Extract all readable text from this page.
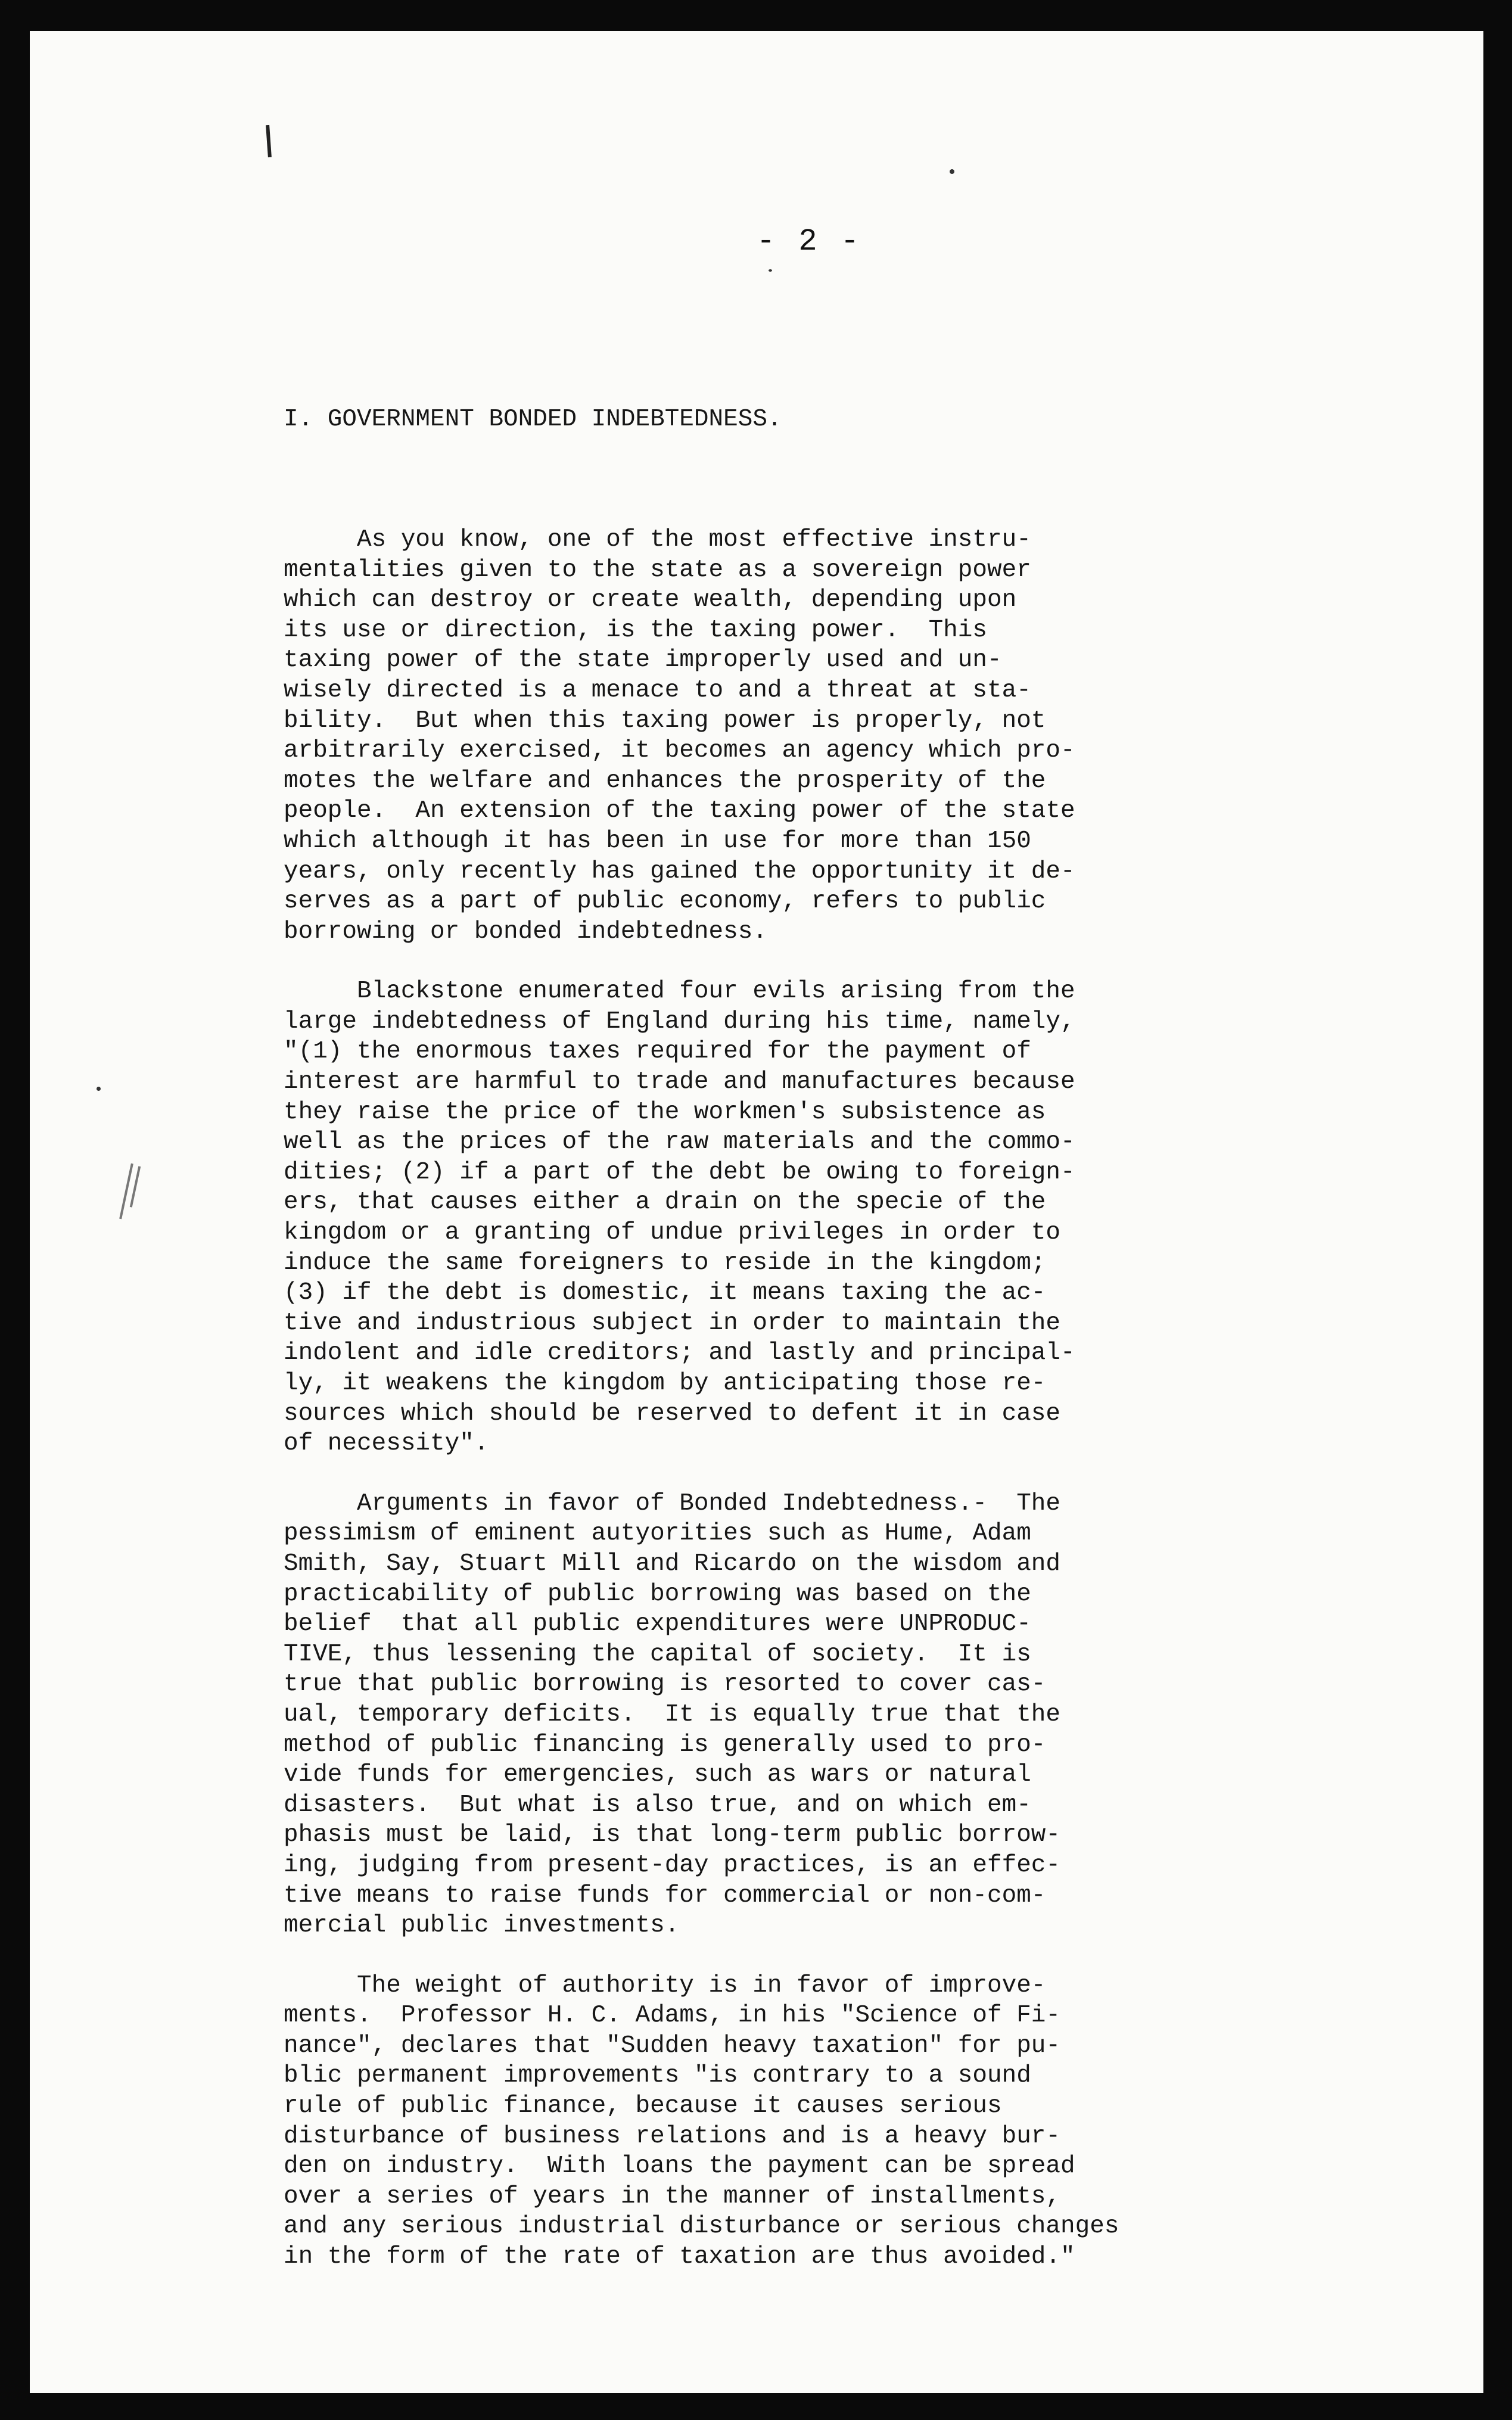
- 2 -

I. GOVERNMENT BONDED INDEBTEDNESS.

As you know, one of the most effective instru-
mentalities given to the state as a sovereign power
which can destroy or create wealth, depending upon
its use or direction, is the taxing power.  This
taxing power of the state improperly used and un-
wisely directed is a menace to and a threat at sta-
bility.  But when this taxing power is properly, not
arbitrarily exercised, it becomes an agency which pro-
motes the welfare and enhances the prosperity of the
people.  An extension of the taxing power of the state
which although it has been in use for more than 150
years, only recently has gained the opportunity it de-
serves as a part of public economy, refers to public
borrowing or bonded indebtedness.
Blackstone enumerated four evils arising from the
large indebtedness of England during his time, namely,
"(1) the enormous taxes required for the payment of
interest are harmful to trade and manufactures because
they raise the price of the workmen's subsistence as
well as the prices of the raw materials and the commo-
dities; (2) if a part of the debt be owing to foreign-
ers, that causes either a drain on the specie of the
kingdom or a granting of undue privileges in order to
induce the same foreigners to reside in the kingdom;
(3) if the debt is domestic, it means taxing the ac-
tive and industrious subject in order to maintain the
indolent and idle creditors; and lastly and principal-
ly, it weakens the kingdom by anticipating those re-
sources which should be reserved to defent it in case
of necessity".
Arguments in favor of Bonded Indebtedness.-  The
pessimism of eminent autyorities such as Hume, Adam
Smith, Say, Stuart Mill and Ricardo on the wisdom and
practicability of public borrowing was based on the
belief  that all public expenditures were UNPRODUC-
TIVE, thus lessening the capital of society.  It is
true that public borrowing is resorted to cover cas-
ual, temporary deficits.  It is equally true that the
method of public financing is generally used to pro-
vide funds for emergencies, such as wars or natural
disasters.  But what is also true, and on which em-
phasis must be laid, is that long-term public borrow-
ing, judging from present-day practices, is an effec-
tive means to raise funds for commercial or non-com-
mercial public investments.
The weight of authority is in favor of improve-
ments.  Professor H. C. Adams, in his "Science of Fi-
nance", declares that "Sudden heavy taxation" for pu-
blic permanent improvements "is contrary to a sound
rule of public finance, because it causes serious
disturbance of business relations and is a heavy bur-
den on industry.  With loans the payment can be spread
over a series of years in the manner of installments,
and any serious industrial disturbance or serious changes
in the form of the rate of taxation are thus avoided."
